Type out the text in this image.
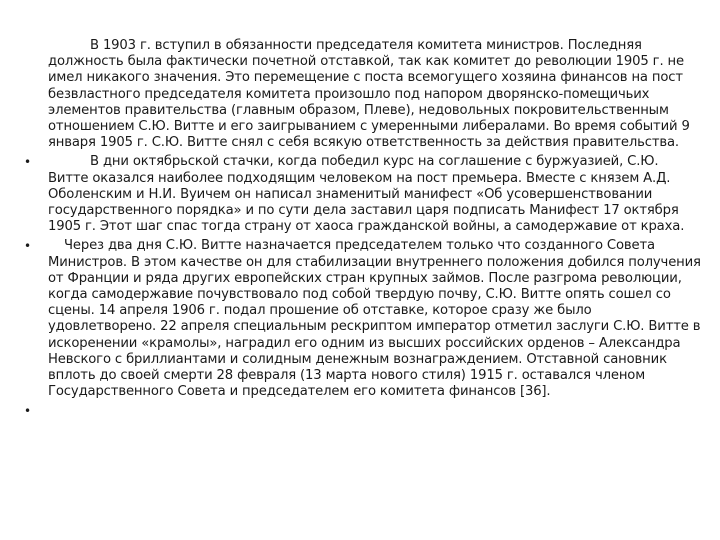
В 1903 г. вступил в обязанности председателя комитета министров. Последняя должность была фактически почетной отставкой, так как комитет до революции 1905 г. не имел никакого значения. Это перемещение с поста всемогущего хозяина финансов на пост безвластного председателя комитета произошло под напором дворянско-помещичьих элементов правительства (главным образом, Плеве), недовольных покровительственным отношением С.Ю. Витте и его заигрыванием с умеренными либералами. Во время событий 9 января 1905 г. С.Ю. Витте снял с себя всякую ответственность за действия правительства.
•	В дни октябрьской стачки, когда победил курс на соглашение с буржуазией, С.Ю. Витте оказался наиболее подходящим человеком на пост премьера. Вместе с князем А.Д. Оболенским и Н.И. Вуичем он написал знаменитый манифест «Об усовершенствовании государственного порядка» и по сути дела заставил царя подписать Манифест 17 октября 1905 г. Этот шаг спас тогда страну от хаоса гражданской войны, а самодержавие от краха.
•	Через два дня С.Ю. Витте назначается председателем только что созданного Совета Министров. В этом качестве он для стабилизации внутреннего положения добился получения от Франции и ряда других европейских стран крупных займов. После разгрома революции, когда самодержавие почувствовало под собой твердую почву, С.Ю. Витте опять сошел со сцены. 14 апреля 1906 г. подал прошение об отставке, которое сразу же было удовлетворено. 22 апреля специальным рескриптом император отметил заслуги С.Ю. Витте в искоренении «крамолы», наградил его одним из высших российских орденов – Александра Невского с бриллиантами и солидным денежным вознаграждением. Отставной сановник вплоть до своей смерти 28 февраля (13 марта нового стиля) 1915 г. оставался членом Государственного Совета и председателем его комитета финансов [36].
•
